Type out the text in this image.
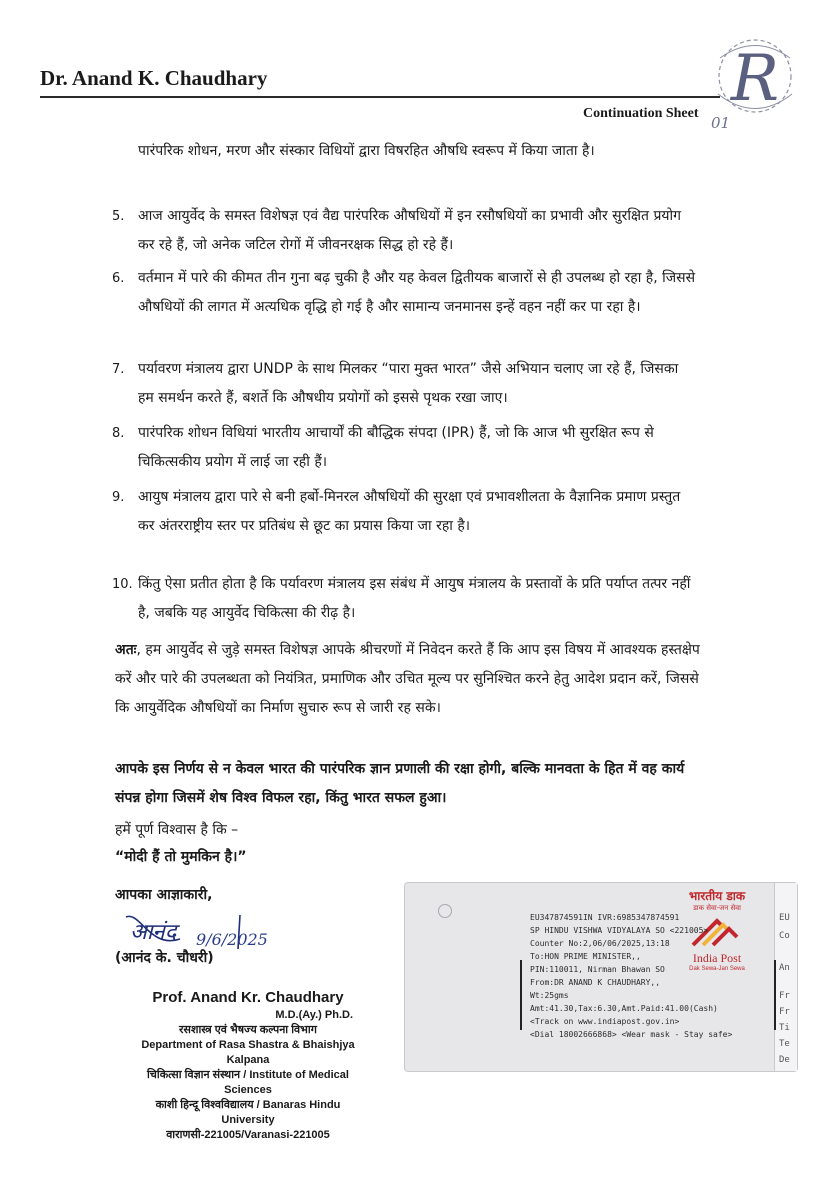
Dr. Anand K. Chaudhary	R
Continuation Sheet
01

पारंपरिक शोधन, मरण और संस्कार विधियों द्वारा विषरहित औषधि स्वरूप में किया जाता है।

5. आज आयुर्वेद के समस्त विशेषज्ञ एवं वैद्य पारंपरिक औषधियों में इन रसौषधियों का प्रभावी और सुरक्षित प्रयोग कर रहे हैं, जो अनेक जटिल रोगों में जीवनरक्षक सिद्ध हो रहे हैं।
6. वर्तमान में पारे की कीमत तीन गुना बढ़ चुकी है और यह केवल द्वितीयक बाजारों से ही उपलब्ध हो रहा है, जिससे औषधियों की लागत में अत्यधिक वृद्धि हो गई है और सामान्य जनमानस इन्हें वहन नहीं कर पा रहा है।
7. पर्यावरण मंत्रालय द्वारा UNDP के साथ मिलकर “पारा मुक्त भारत” जैसे अभियान चलाए जा रहे हैं, जिसका हम समर्थन करते हैं, बशर्ते कि औषधीय प्रयोगों को इससे पृथक रखा जाए।
8. पारंपरिक शोधन विधियां भारतीय आचार्यों की बौद्धिक संपदा (IPR) हैं, जो कि आज भी सुरक्षित रूप से चिकित्सकीय प्रयोग में लाई जा रही हैं।
9. आयुष मंत्रालय द्वारा पारे से बनी हर्बो-मिनरल औषधियों की सुरक्षा एवं प्रभावशीलता के वैज्ञानिक प्रमाण प्रस्तुत कर अंतरराष्ट्रीय स्तर पर प्रतिबंध से छूट का प्रयास किया जा रहा है।
10. किंतु ऐसा प्रतीत होता है कि पर्यावरण मंत्रालय इस संबंध में आयुष मंत्रालय के प्रस्तावों के प्रति पर्याप्त तत्पर नहीं है, जबकि यह आयुर्वेद चिकित्सा की रीढ़ है।

अतः, हम आयुर्वेद से जुड़े समस्त विशेषज्ञ आपके श्रीचरणों में निवेदन करते हैं कि आप इस विषय में आवश्यक हस्तक्षेप करें और पारे की उपलब्धता को नियंत्रित, प्रमाणिक और उचित मूल्य पर सुनिश्चित करने हेतु आदेश प्रदान करें, जिससे कि आयुर्वेदिक औषधियों का निर्माण सुचारु रूप से जारी रह सके।

आपके इस निर्णय से न केवल भारत की पारंपरिक ज्ञान प्रणाली की रक्षा होगी, बल्कि मानवता के हित में वह कार्य संपन्न होगा जिसमें शेष विश्व विफल रहा, किंतु भारत सफल हुआ।

हमें पूर्ण विश्वास है कि –

“मोदी हैं तो मुमकिन है।”

आपका आज्ञाकारी,

आनंद 9/6/2025

(आनंद के. चौधरी)

Prof. Anand Kr. Chaudhary
M.D.(Ay.) Ph.D.
रसशास्त्र एवं भैषज्य कल्पना विभाग
Department of Rasa Shastra & Bhaishjya Kalpana
चिकित्सा विज्ञान संस्थान / Institute of Medical Sciences
काशी हिन्दू विश्वविद्यालय / Banaras Hindu University
वाराणसी-221005/Varanasi-221005
भारतीय डाक
डाक सेवा-जन सेवा
India Post
Dak Sewa-Jan Sewa
EU347874591IN IVR:6985347874591
SP HINDU VISHWA VIDYALAYA SO <221005>
Counter No:2,06/06/2025,13:18
To:HON PRIME MINISTER,,
PIN:110011, Nirman Bhawan SO
From:DR ANAND K CHAUDHARY,,
Wt:25gms
Amt:41.30,Tax:6.30,Amt.Paid:41.00(Cash)
<Track on www.indiapost.gov.in>
<Dial 18002666868> <Wear mask - Stay safe>
EU
Co
An
Fr
Fr
Ti
Te
De
